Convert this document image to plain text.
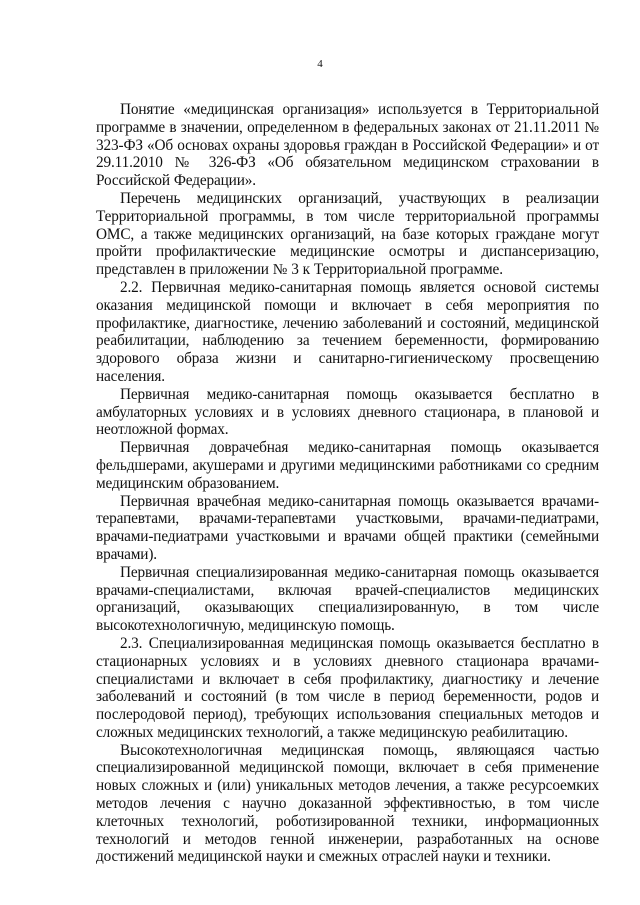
4

Понятие «медицинская организация» используется в Территориальной программе в значении, определенном в федеральных законах от 21.11.2011 № 323-ФЗ «Об основах охраны здоровья граждан в Российской Федерации» и от 29.11.2010 № 326-ФЗ «Об обязательном медицинском страховании в Российской Федерации».

Перечень медицинских организаций, участвующих в реализации Территориальной программы, в том числе территориальной программы ОМС, а также медицинских организаций, на базе которых граждане могут пройти профилактические медицинские осмотры и диспансеризацию, представлен в приложении № 3 к Территориальной программе.

2.2. Первичная медико-санитарная помощь является основой системы оказания медицинской помощи и включает в себя мероприятия по профилактике, диагностике, лечению заболеваний и состояний, медицинской реабилитации, наблюдению за течением беременности, формированию здорового образа жизни и санитарно-гигиеническому просвещению населения.

Первичная медико-санитарная помощь оказывается бесплатно в амбулаторных условиях и в условиях дневного стационара, в плановой и неотложной формах.

Первичная доврачебная медико-санитарная помощь оказывается фельдшерами, акушерами и другими медицинскими работниками со средним медицинским образованием.

Первичная врачебная медико-санитарная помощь оказывается врачами-терапевтами, врачами-терапевтами участковыми, врачами-педиатрами, врачами-педиатрами участковыми и врачами общей практики (семейными врачами).

Первичная специализированная медико-санитарная помощь оказывается врачами-специалистами, включая врачей-специалистов медицинских организаций, оказывающих специализированную, в том числе высокотехнологичную, медицинскую помощь.

2.3. Специализированная медицинская помощь оказывается бесплатно в стационарных условиях и в условиях дневного стационара врачами-специалистами и включает в себя профилактику, диагностику и лечение заболеваний и состояний (в том числе в период беременности, родов и послеродовой период), требующих использования специальных методов и сложных медицинских технологий, а также медицинскую реабилитацию.

Высокотехнологичная медицинская помощь, являющаяся частью специализированной медицинской помощи, включает в себя применение новых сложных и (или) уникальных методов лечения, а также ресурсоемких методов лечения с научно доказанной эффективностью, в том числе клеточных технологий, роботизированной техники, информационных технологий и методов генной инженерии, разработанных на основе достижений медицинской науки и смежных отраслей науки и техники.
